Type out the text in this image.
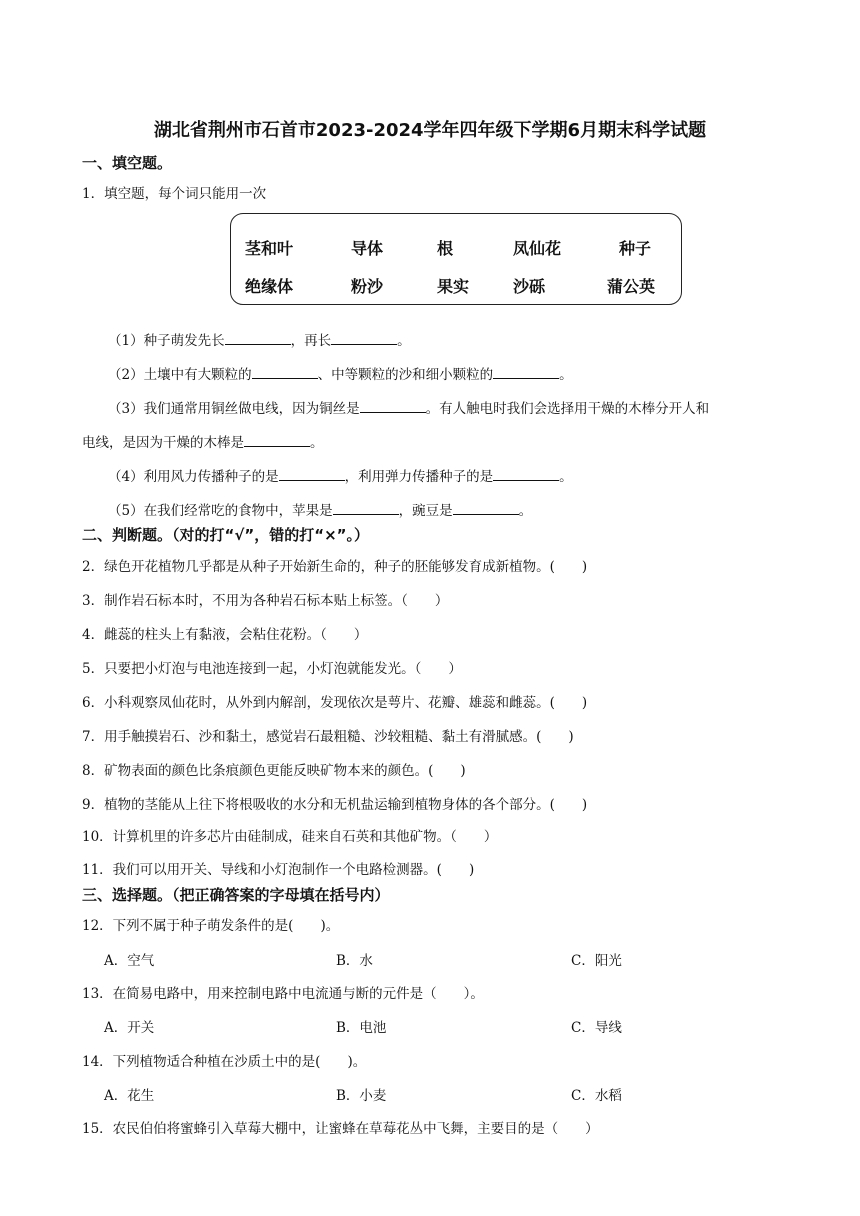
湖北省荆州市石首市2023-2024学年四年级下学期6月期末科学试题
一、填空题。
1．填空题，每个词只能用一次
茎和叶	导体	根	凤仙花	种子
绝缘体	粉沙	果实	沙砾	蒲公英
（1）种子萌发先长	，再长	。
（2）土壤中有大颗粒的	、中等颗粒的沙和细小颗粒的	。
（3）我们通常用铜丝做电线，因为铜丝是	。有人触电时我们会选择用干燥的木棒分开人和
电线，是因为干燥的木棒是	。
（4）利用风力传播种子的是	，利用弹力传播种子的是	。
（5）在我们经常吃的食物中，苹果是	，豌豆是	。
二、判断题。（对的打“√”，错的打“×”。）
2．绿色开花植物几乎都是从种子开始新生命的，种子的胚能够发育成新植物。(　　)
3．制作岩石标本时，不用为各种岩石标本贴上标签。（　　）
4．雌蕊的柱头上有黏液，会粘住花粉。（　　）
5．只要把小灯泡与电池连接到一起，小灯泡就能发光。（　　）
6．小科观察凤仙花时，从外到内解剖，发现依次是萼片、花瓣、雄蕊和雌蕊。(　　)
7．用手触摸岩石、沙和黏土，感觉岩石最粗糙、沙较粗糙、黏土有滑腻感。(　　)
8．矿物表面的颜色比条痕颜色更能反映矿物本来的颜色。(　　)
9．植物的茎能从上往下将根吸收的水分和无机盐运输到植物身体的各个部分。(　　)
10．计算机里的许多芯片由硅制成，硅来自石英和其他矿物。（　　）
11．我们可以用开关、导线和小灯泡制作一个电路检测器。(　　)
三、选择题。（把正确答案的字母填在括号内）
12．下列不属于种子萌发条件的是(　　)。
A．空气	B．水	C．阳光
13．在简易电路中，用来控制电路中电流通与断的元件是（　　）。
A．开关	B．电池	C．导线
14．下列植物适合种植在沙质土中的是(　　)。
A．花生	B．小麦	C．水稻
15．农民伯伯将蜜蜂引入草莓大棚中，让蜜蜂在草莓花丛中飞舞，主要目的是（　　）
